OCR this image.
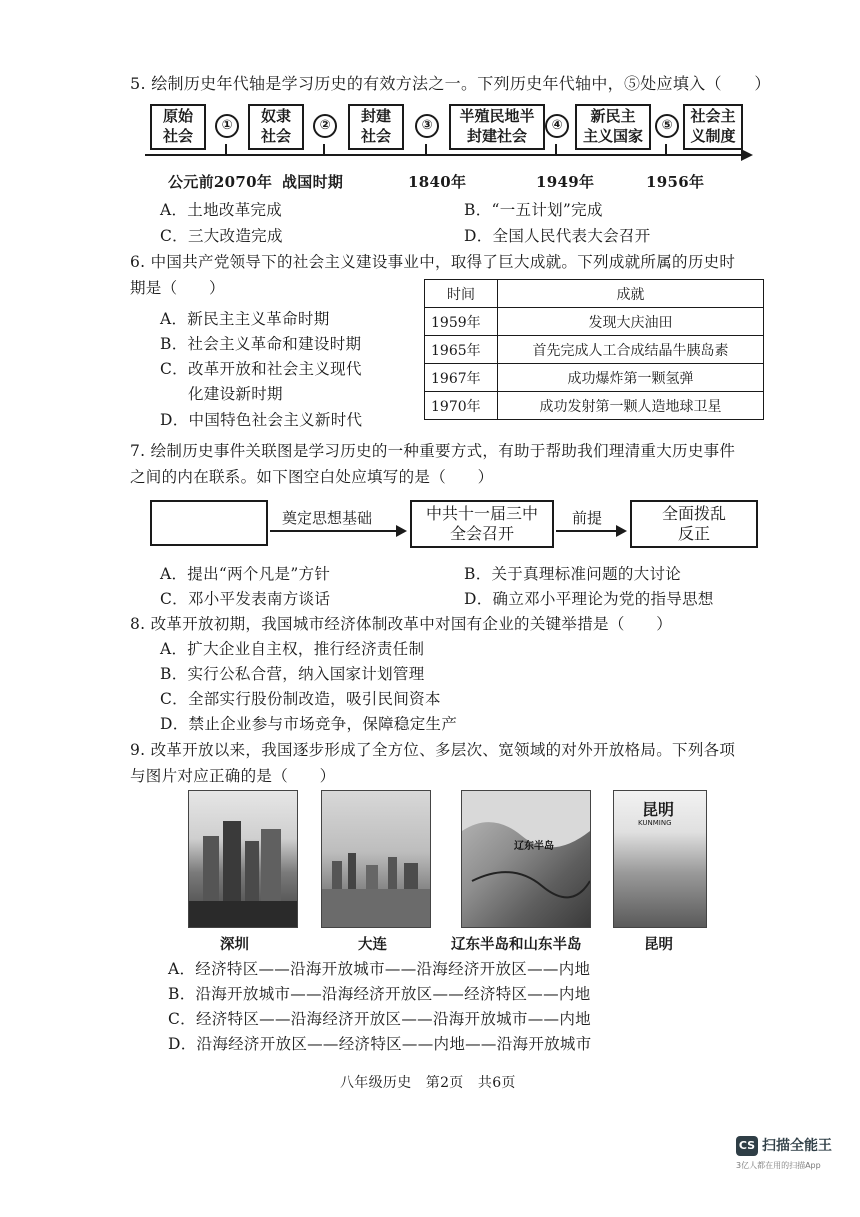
5. 绘制历史年代轴是学习历史的有效方法之一。下列历史年代轴中，⑤处应填入（　　）
原始
社会
①
奴隶
社会
②
封建
社会
③
半殖民地半
封建社会
④
新民主
主义国家
⑤
社会主
义制度
公元前2070年 战国时期	1840年	1949年	1956年
A．土地改革完成	B．“一五计划”完成
C．三大改造完成	D．全国人民代表大会召开
6. 中国共产党领导下的社会主义建设事业中，取得了巨大成就。下列成就所属的历史时
期是（　　）
A．新民主主义革命时期
B．社会主义革命和建设时期
C．改革开放和社会主义现代
化建设新时期
D．中国特色社会主义新时代
时间	成就
1959年	发现大庆油田
1965年	首先完成人工合成结晶牛胰岛素
1967年	成功爆炸第一颗氢弹
1970年	成功发射第一颗人造地球卫星
7. 绘制历史事件关联图是学习历史的一种重要方式，有助于帮助我们理清重大历史事件
之间的内在联系。如下图空白处应填写的是（　　）
奠定思想基础	中共十一届三中
全会召开
前提	全面拨乱
反正
A．提出“两个凡是”方针	B．关于真理标准问题的大讨论
C．邓小平发表南方谈话	D．确立邓小平理论为党的指导思想
8. 改革开放初期，我国城市经济体制改革中对国有企业的关键举措是（　　）
A．扩大企业自主权，推行经济责任制
B．实行公私合营，纳入国家计划管理
C．全部实行股份制改造，吸引民间资本
D．禁止企业参与市场竞争，保障稳定生产
9. 改革开放以来，我国逐步形成了全方位、多层次、宽领域的对外开放格局。下列各项
与图片对应正确的是（　　）
辽东半岛
昆明
KUNMING
深圳	大连	辽东半岛和山东半岛	昆明
A．经济特区——沿海开放城市——沿海经济开放区——内地
B．沿海开放城市——沿海经济开放区——经济特区——内地
C．经济特区——沿海经济开放区——沿海开放城市——内地
D．沿海经济开放区——经济特区——内地——沿海开放城市
八年级历史　第2页　共6页
CS 扫描全能王
3亿人都在用的扫描App
